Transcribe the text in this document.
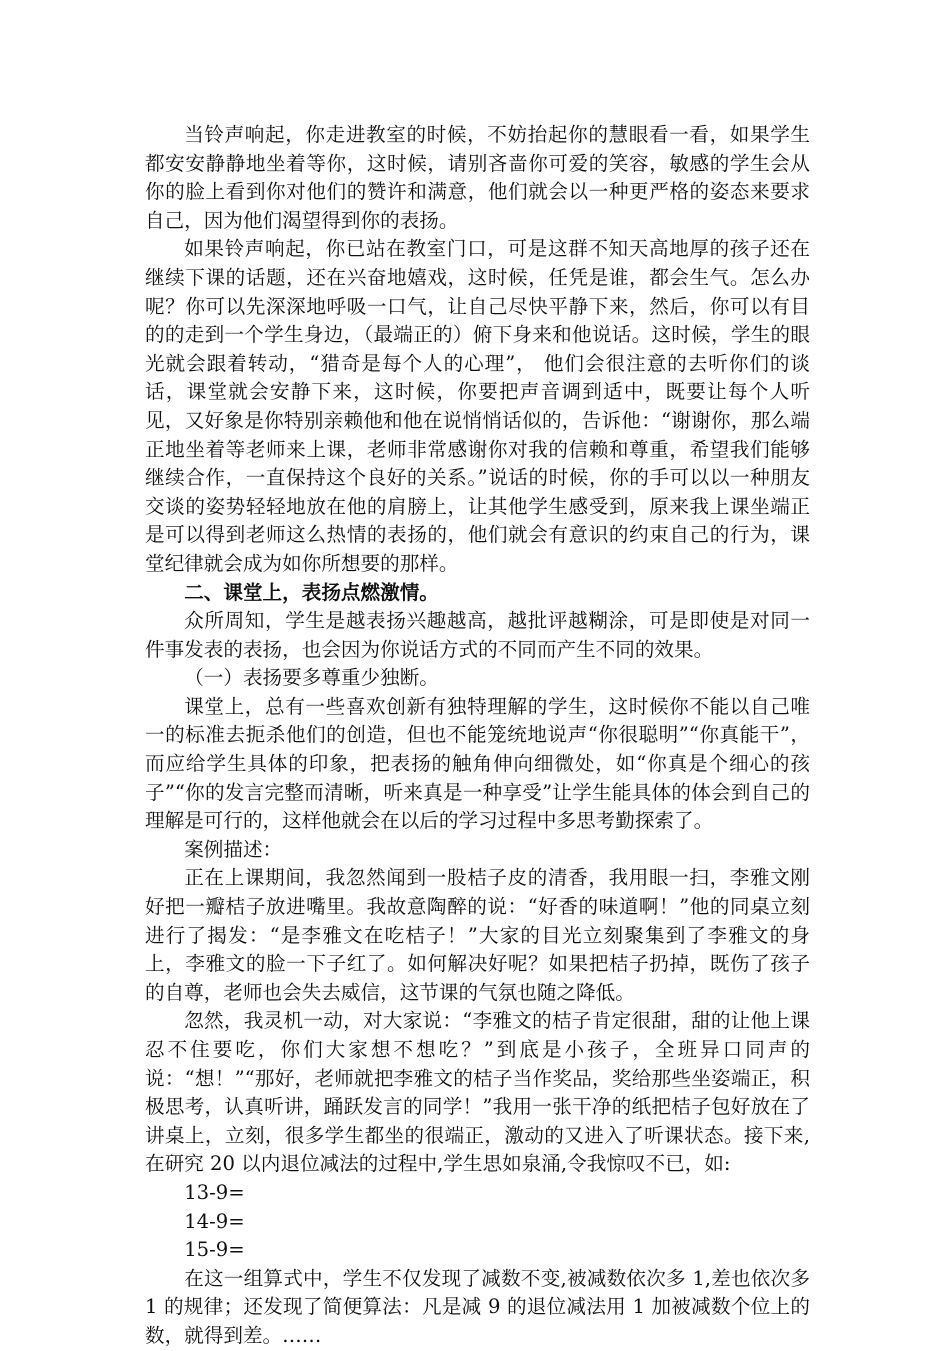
当铃声响起，你走进教室的时候，不妨抬起你的慧眼看一看，如果学生都安安静静地坐着等你，这时候，请别吝啬你可爱的笑容，敏感的学生会从你的脸上看到你对他们的赞许和满意，他们就会以一种更严格的姿态来要求自己，因为他们渴望得到你的表扬。

如果铃声响起，你已站在教室门口，可是这群不知天高地厚的孩子还在继续下课的话题，还在兴奋地嬉戏，这时候，任凭是谁，都会生气。怎么办呢？你可以先深深地呼吸一口气，让自己尽快平静下来，然后，你可以有目的的走到一个学生身边，（最端正的）俯下身来和他说话。这时候，学生的眼光就会跟着转动，“猎奇是每个人的心理”， 他们会很注意的去听你们的谈话，课堂就会安静下来，这时候，你要把声音调到适中，既要让每个人听见，又好象是你特别亲赖他和他在说悄悄话似的，告诉他：“谢谢你，那么端正地坐着等老师来上课，老师非常感谢你对我的信赖和尊重，希望我们能够继续合作，一直保持这个良好的关系。”说话的时候，你的手可以以一种朋友交谈的姿势轻轻地放在他的肩膀上，让其他学生感受到，原来我上课坐端正是可以得到老师这么热情的表扬的，他们就会有意识的约束自己的行为，课堂纪律就会成为如你所想要的那样。

二、课堂上，表扬点燃激情。

众所周知，学生是越表扬兴趣越高，越批评越糊涂，可是即使是对同一件事发表的表扬，也会因为你说话方式的不同而产生不同的效果。

（一）表扬要多尊重少独断。

课堂上，总有一些喜欢创新有独特理解的学生，这时候你不能以自己唯一的标准去扼杀他们的创造，但也不能笼统地说声“你很聪明”“你真能干”，而应给学生具体的印象，把表扬的触角伸向细微处，如“你真是个细心的孩子”“你的发言完整而清晰，听来真是一种享受”让学生能具体的体会到自己的理解是可行的，这样他就会在以后的学习过程中多思考勤探索了。

案例描述：

正在上课期间，我忽然闻到一股桔子皮的清香，我用眼一扫，李雅文刚好把一瓣桔子放进嘴里。我故意陶醉的说：“好香的味道啊！”他的同桌立刻进行了揭发：“是李雅文在吃桔子！”大家的目光立刻聚集到了李雅文的身上，李雅文的脸一下子红了。如何解决好呢？如果把桔子扔掉，既伤了孩子的自尊，老师也会失去威信，这节课的气氛也随之降低。

忽然，我灵机一动，对大家说：“李雅文的桔子肯定很甜，甜的让他上课忍不住要吃，你们大家想不想吃？”到底是小孩子，全班异口同声的说：“想！”“那好，老师就把李雅文的桔子当作奖品，奖给那些坐姿端正，积极思考，认真听讲，踊跃发言的同学！”我用一张干净的纸把桔子包好放在了讲桌上，立刻，很多学生都坐的很端正，激动的又进入了听课状态。接下来,在研究 20 以内退位减法的过程中,学生思如泉涌,令我惊叹不已，如:

13-9=

14-9=

15-9=

在这一组算式中，学生不仅发现了减数不变,被减数依次多 1,差也依次多 1 的规律；还发现了简便算法：凡是减 9 的退位减法用 1 加被减数个位上的数，就得到差。……
